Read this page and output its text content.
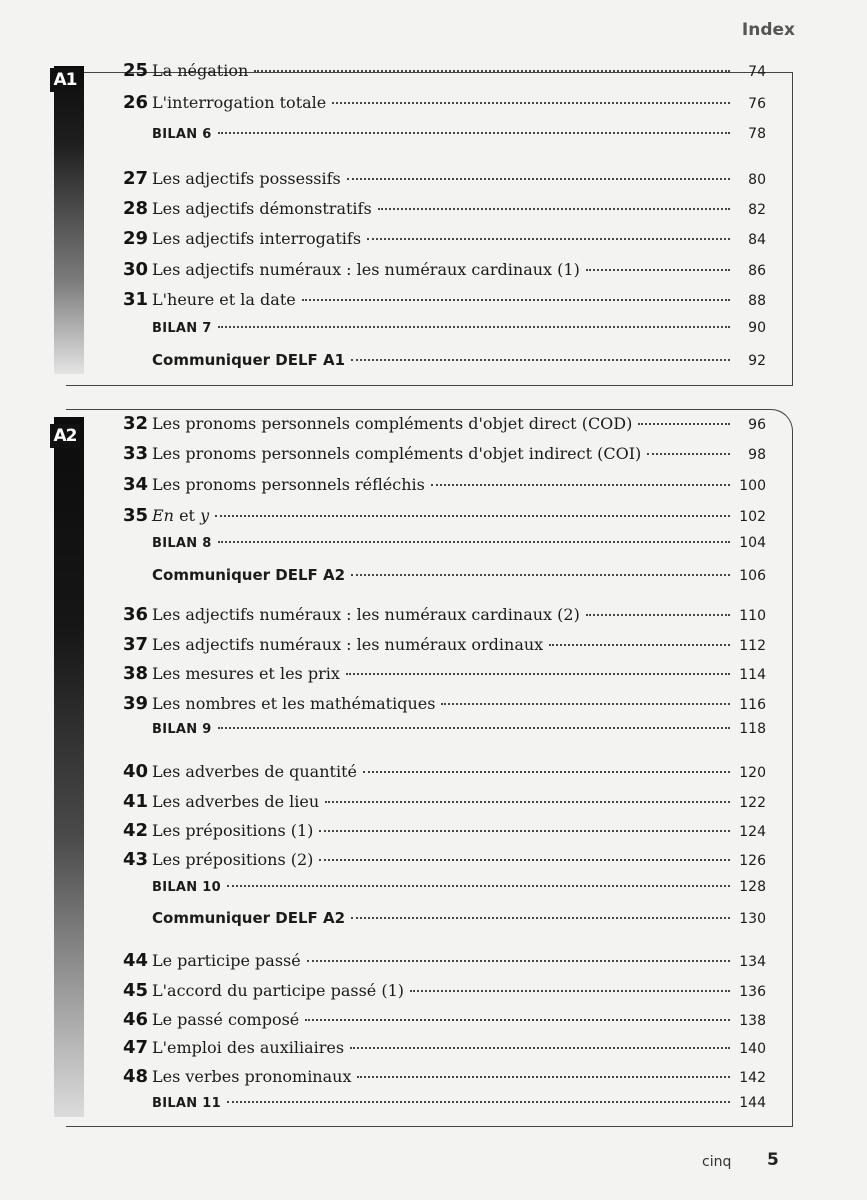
Index
A1
A2
25 La négation	74
26 L'interrogation totale	76
BILAN 6	78
27 Les adjectifs possessifs	80
28 Les adjectifs démonstratifs	82
29 Les adjectifs interrogatifs	84
30 Les adjectifs numéraux : les numéraux cardinaux (1)	86
31 L'heure et la date	88
BILAN 7	90
Communiquer DELF A1	92
32 Les pronoms personnels compléments d'objet direct (COD)	96
33 Les pronoms personnels compléments d'objet indirect (COI)	98
34 Les pronoms personnels réfléchis	100
35 En et y	102
BILAN 8	104
Communiquer DELF A2	106
36 Les adjectifs numéraux : les numéraux cardinaux (2)	110
37 Les adjectifs numéraux : les numéraux ordinaux	112
38 Les mesures et les prix	114
39 Les nombres et les mathématiques	116
BILAN 9	118
40 Les adverbes de quantité	120
41 Les adverbes de lieu	122
42 Les prépositions (1)	124
43 Les prépositions (2)	126
BILAN 10	128
Communiquer DELF A2	130
44 Le participe passé	134
45 L'accord du participe passé (1)	136
46 Le passé composé	138
47 L'emploi des auxiliaires	140
48 Les verbes pronominaux	142
BILAN 11	144
cinq 5
